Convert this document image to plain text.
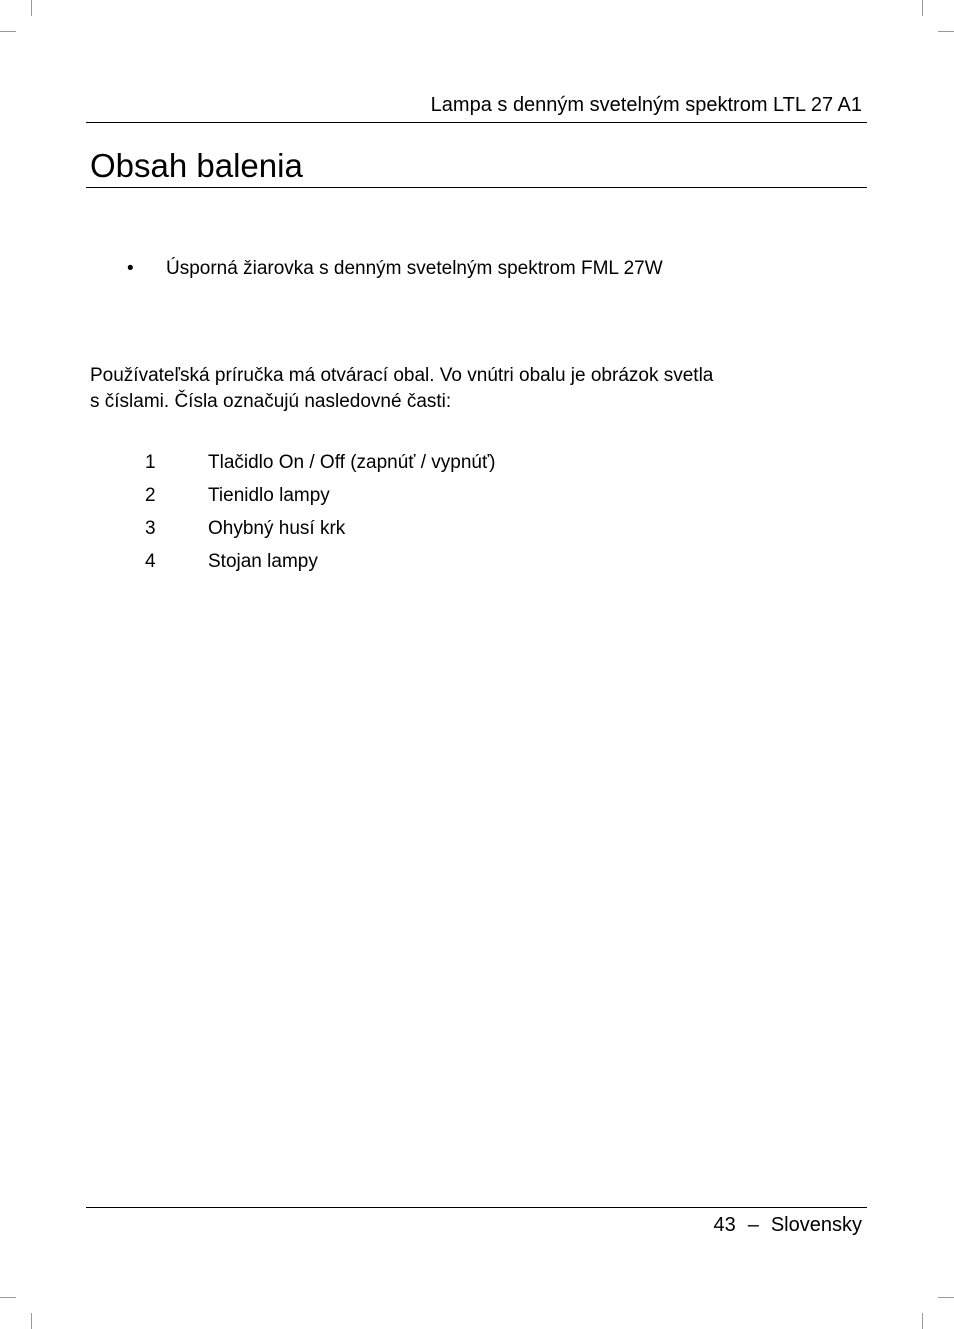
Lampa s denným svetelným spektrom LTL 27 A1
Obsah balenia
•	Úsporná žiarovka s denným svetelným spektrom FML 27W

Používateľská príručka má otvárací obal. Vo vnútri obalu je obrázok svetla

s číslami. Čísla označujú nasledovné časti:

1	Tlačidlo On / Off (zapnúť / vypnúť)
2	Tienidlo lampy
3	Ohybný husí krk
4	Stojan lampy
43 – Slovensky
